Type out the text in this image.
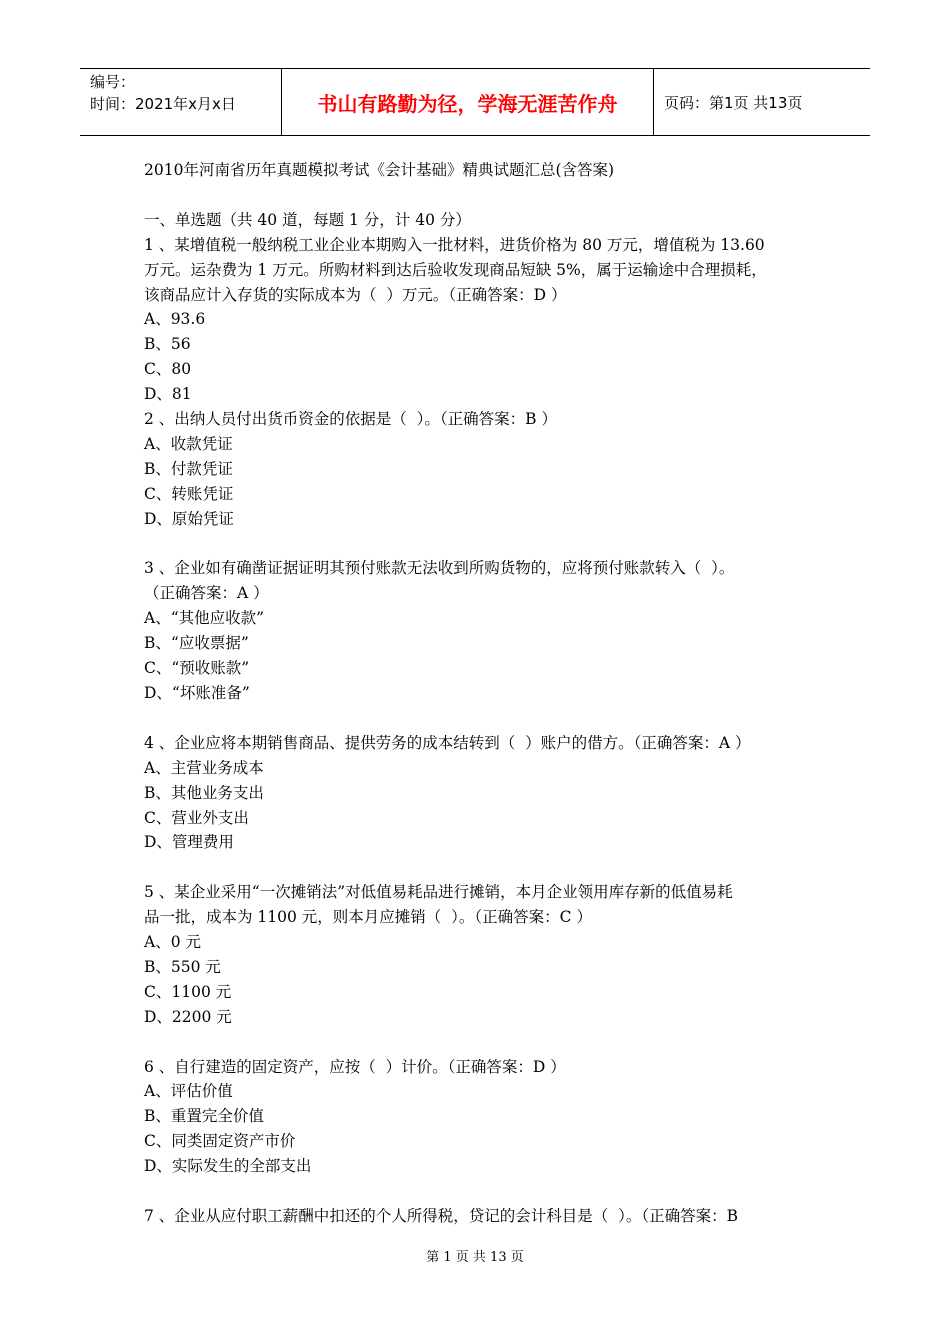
编号：
时间：2021年x月x日	书山有路勤为径，学海无涯苦作舟	页码：第1页 共13页
2010年河南省历年真题模拟考试《会计基础》精典试题汇总(含答案)
一、单选题（共 40 道，每题 1 分，计 40 分）
1 、某增值税一般纳税工业企业本期购入一批材料，进货价格为 80 万元，增值税为 13.60
万元。运杂费为 1 万元。所购材料到达后验收发现商品短缺 5%，属于运输途中合理损耗，
该商品应计入存货的实际成本为（  ）万元。（正确答案：D ）
A、93.6
B、56
C、80
D、81
2 、出纳人员付出货币资金的依据是（  ）。（正确答案：B ）
A、收款凭证
B、付款凭证
C、转账凭证
D、原始凭证
3 、企业如有确凿证据证明其预付账款无法收到所购货物的，应将预付账款转入（  ）。
（正确答案：A ）
A、“其他应收款”
B、“应收票据”
C、“预收账款”
D、“坏账准备”
4 、企业应将本期销售商品、提供劳务的成本结转到（  ）账户的借方。（正确答案：A ）
A、主营业务成本
B、其他业务支出
C、营业外支出
D、管理费用
5 、某企业采用“一次摊销法”对低值易耗品进行摊销，本月企业领用库存新的低值易耗
品一批，成本为 1100 元，则本月应摊销（  ）。（正确答案：C ）
A、0 元
B、550 元
C、1100 元
D、2200 元
6 、自行建造的固定资产，应按（  ）计价。（正确答案：D ）
A、评估价值
B、重置完全价值
C、同类固定资产市价
D、实际发生的全部支出
7 、企业从应付职工薪酬中扣还的个人所得税，贷记的会计科目是（  ）。（正确答案：B
第 1 页 共 13 页
